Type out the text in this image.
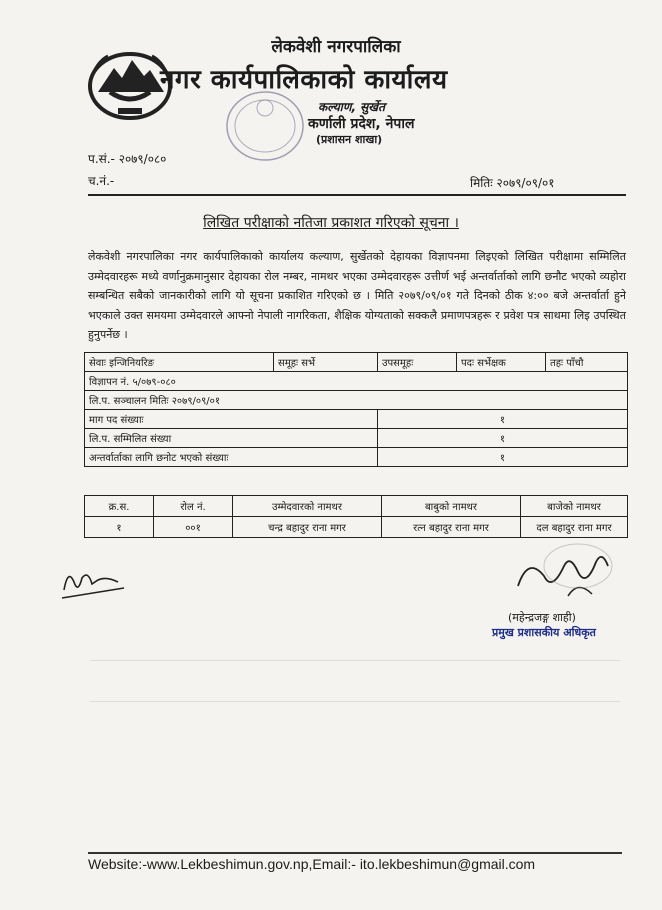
लेकवेशी नगरपालिका
नगर कार्यपालिकाको कार्यालय
कल्याण, सुर्खेत
कर्णाली प्रदेश, नेपाल
(प्रशासन शाखा)
प.सं.- २०७९/०८०
च.नं.-	मितिः २०७९/०९/०१
लिखित परीक्षाको नतिजा प्रकाशत गरिएको सूचना ।
लेकवेशी नगरपालिका नगर कार्यपालिकाको कार्यालय कल्याण, सुर्खेतको देहायका विज्ञापनमा लिइएको लिखित परीक्षामा सम्मिलित उम्मेदवारहरू मध्ये वर्णानुक्रमानुसार देहायका रोल नम्बर, नामथर भएका उम्मेदवारहरू उत्तीर्ण भई अन्तर्वार्ताको लागि छनौट भएको व्यहोरा सम्बन्धित सबैको जानकारीको लागि यो सूचना प्रकाशित गरिएको छ । मिति २०७९/०९/०१ गते दिनको ठीक ४:०० बजे अन्तर्वार्ता हुने भएकाले उक्त समयमा उम्मेदवारले आफ्नो नेपाली नागरिकता, शैक्षिक योग्यताको सक्कलै प्रमाणपत्रहरू र प्रवेश पत्र साथमा लिइ उपस्थित हुनुपर्नेछ ।
सेवाः इन्जिनियरिङ	समूहः सर्भे	उपसमूहः	पदः सर्भेक्षक	तहः पाँचौ
विज्ञापन नं. ५/०७९-०८०				
लि.प. सञ्चालन मितिः २०७९/०९/०१				
माग पद संख्याः		१		
लि.प. सम्मिलित संख्या		१		
अन्तर्वार्ताका लागि छनोट भएको संख्याः		१		
क्र.स.	रोल नं.	उम्मेदवारको नामथर	बाबुको नामथर	बाजेको नामथर
१	००१	चन्द्र बहादुर राना मगर	रत्न बहादुर राना मगर	दल बहादुर राना मगर
(महेन्द्रजङ्ग शाही)
प्रमुख प्रशासकीय अधिकृत
Website:-www.Lekbeshimun.gov.np,Email:- ito.lekbeshimun@gmail.com
